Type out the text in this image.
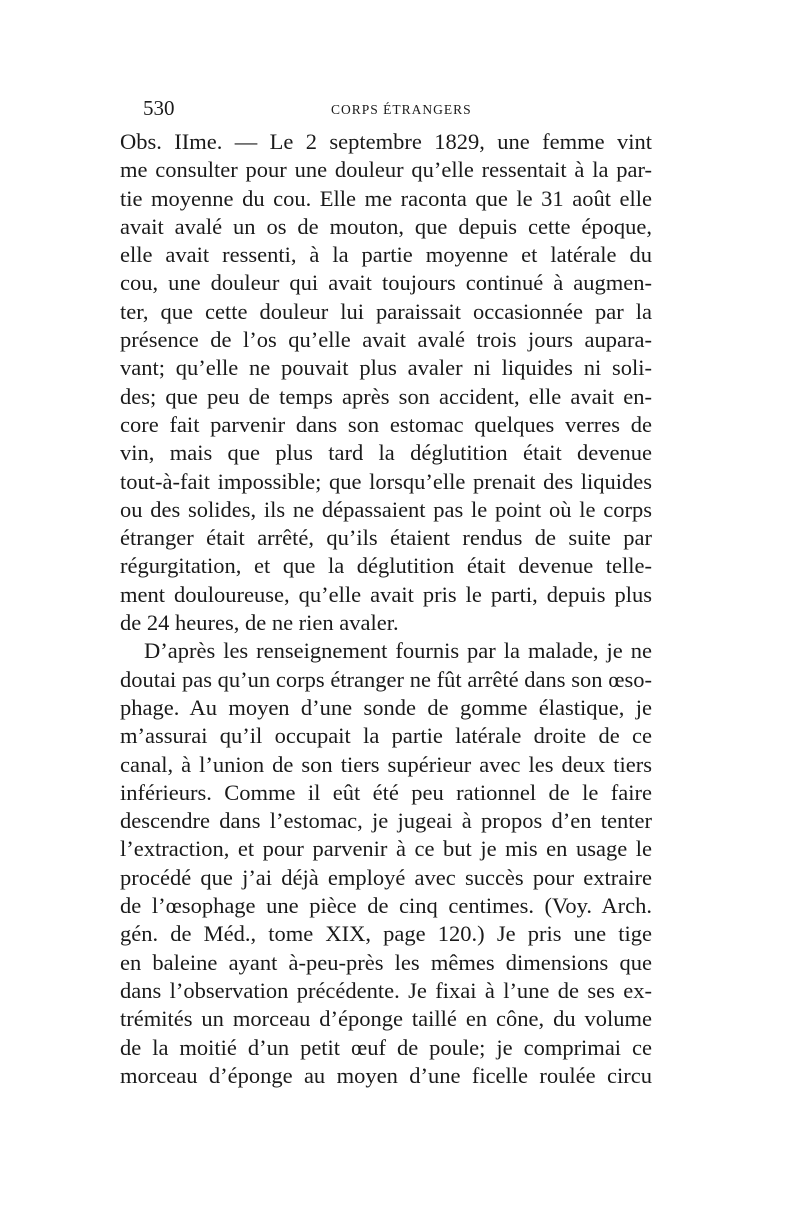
530	CORPS ÉTRANGERS
Obs. IIme. — Le 2 septembre 1829, une femme vint
me consulter pour une douleur qu’elle ressentait à la par-
tie moyenne du cou. Elle me raconta que le 31 août elle
avait avalé un os de mouton, que depuis cette époque,
elle avait ressenti, à la partie moyenne et latérale du
cou, une douleur qui avait toujours continué à augmen-
ter, que cette douleur lui paraissait occasionnée par la
présence de l’os qu’elle avait avalé trois jours aupara-
vant; qu’elle ne pouvait plus avaler ni liquides ni soli-
des; que peu de temps après son accident, elle avait en-
core fait parvenir dans son estomac quelques verres de
vin, mais que plus tard la déglutition était devenue
tout-à-fait impossible; que lorsqu’elle prenait des liquides
ou des solides, ils ne dépassaient pas le point où le corps
étranger était arrêté, qu’ils étaient rendus de suite par
régurgitation, et que la déglutition était devenue telle-
ment douloureuse, qu’elle avait pris le parti, depuis plus
de 24 heures, de ne rien avaler.
D’après les renseignement fournis par la malade, je ne
doutai pas qu’un corps étranger ne fût arrêté dans son œso-
phage. Au moyen d’une sonde de gomme élastique, je
m’assurai qu’il occupait la partie latérale droite de ce
canal, à l’union de son tiers supérieur avec les deux tiers
inférieurs. Comme il eût été peu rationnel de le faire
descendre dans l’estomac, je jugeai à propos d’en tenter
l’extraction, et pour parvenir à ce but je mis en usage le
procédé que j’ai déjà employé avec succès pour extraire
de l’œsophage une pièce de cinq centimes. (Voy. Arch.
gén. de Méd., tome XIX, page 120.) Je pris une tige
en baleine ayant à-peu-près les mêmes dimensions que
dans l’observation précédente. Je fixai à l’une de ses ex-
trémités un morceau d’éponge taillé en cône, du volume
de la moitié d’un petit œuf de poule; je comprimai ce
morceau d’éponge au moyen d’une ficelle roulée circu
